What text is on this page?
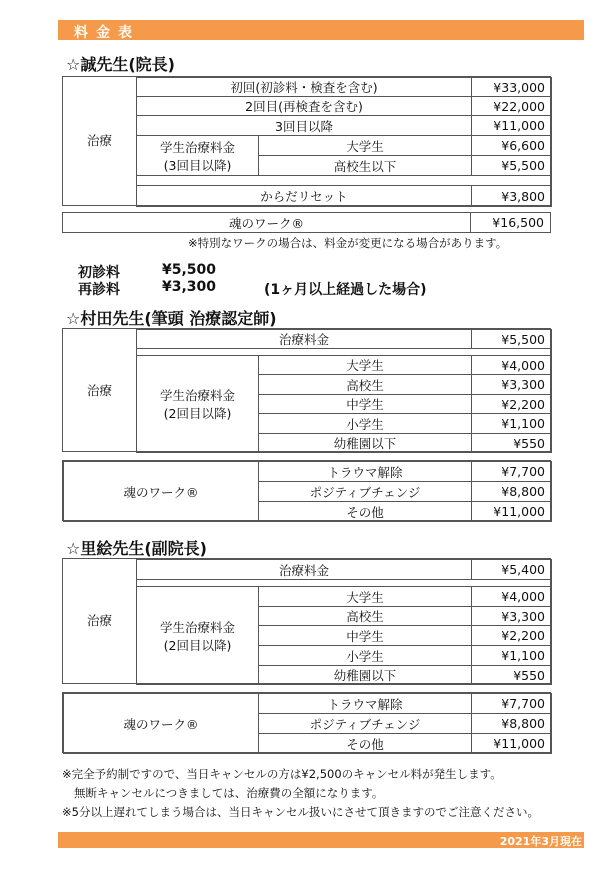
料金表
☆誠先生(院長)
治療
初回(初診料・検査を含む)	¥33,000
2回目(再検査を含む)	¥22,000
3回目以降	¥11,000
学生治療料金
(3回目以降)
大学生	¥6,600
高校生以下	¥5,500
からだリセット	¥3,800
魂のワーク®	¥16,500
※特別なワークの場合は、料金が変更になる場合があります。
初診料	¥5,500
再診料	¥3,300	(1ヶ月以上経過した場合)
☆村田先生(筆頭 治療認定師)
治療
治療料金	¥5,500
学生治療料金
(2回目以降)
大学生	¥4,000
高校生	¥3,300
中学生	¥2,200
小学生	¥1,100
幼稚園以下	¥550
魂のワーク®
トラウマ解除	¥7,700
ポジティブチェンジ	¥8,800
その他	¥11,000
☆里絵先生(副院長)
治療
治療料金	¥5,400
学生治療料金
(2回目以降)
大学生	¥4,000
高校生	¥3,300
中学生	¥2,200
小学生	¥1,100
幼稚園以下	¥550
魂のワーク®
トラウマ解除	¥7,700
ポジティブチェンジ	¥8,800
その他	¥11,000
※完全予約制ですので、当日キャンセルの方は¥2,500のキャンセル料が発生します。
無断キャンセルにつきましては、治療費の全額になります。
※5分以上遅れてしまう場合は、当日キャンセル扱いにさせて頂きますのでご注意ください。
2021年3月現在
